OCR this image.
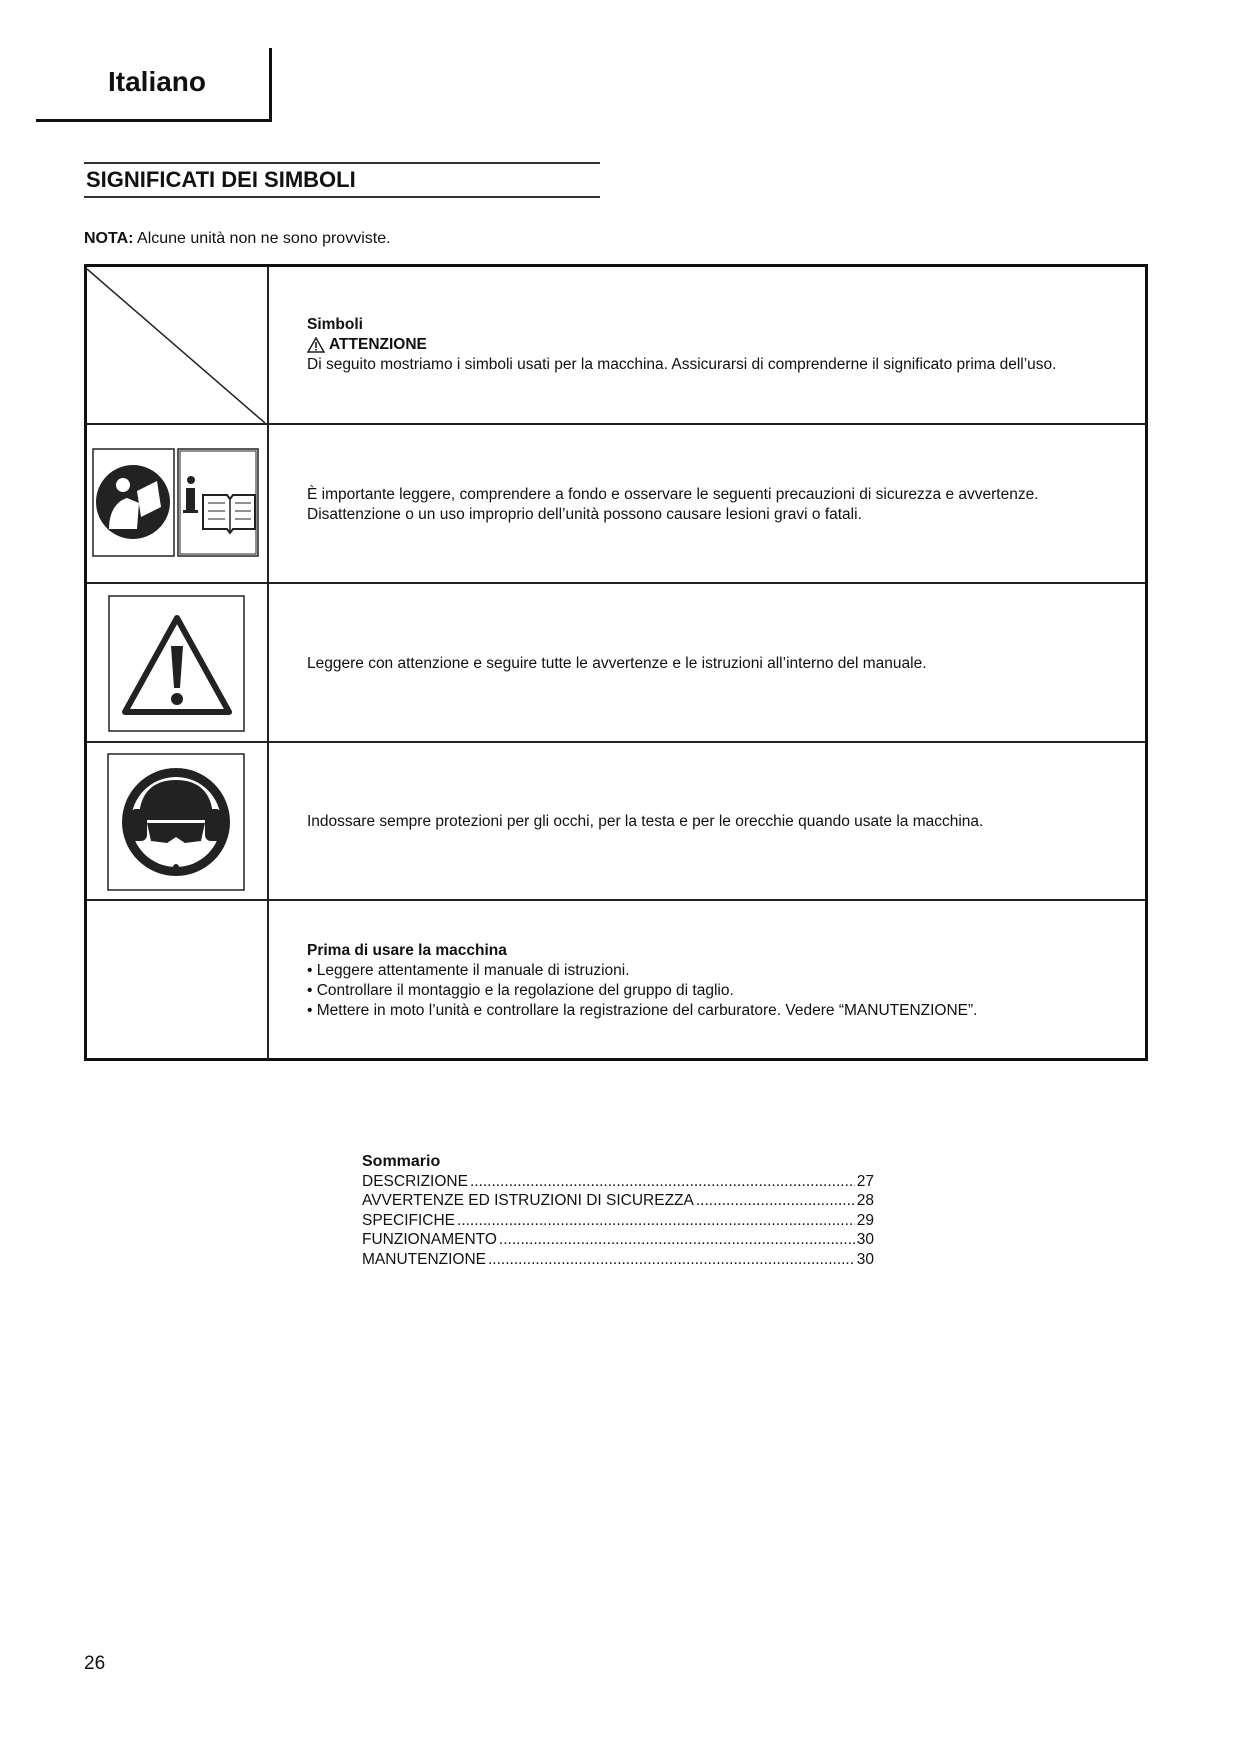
Italiano
SIGNIFICATI DEI SIMBOLI
NOTA: Alcune unità non ne sono provviste.
Simboli
ATTENZIONE
Di seguito mostriamo i simboli usati per la macchina. Assicurarsi di comprenderne il significato prima dell’uso.
È importante leggere, comprendere a fondo e osservare le seguenti precauzioni di sicurezza e avvertenze.
Disattenzione o un uso improprio dell’unità possono causare lesioni gravi o fatali.
Leggere con attenzione e seguire tutte le avvertenze e le istruzioni all’interno del manuale.
Indossare sempre protezioni per gli occhi, per la testa e per le orecchie quando usate la macchina.
Prima di usare la macchina
• Leggere attentamente il manuale di istruzioni.
• Controllare il montaggio e la regolazione del gruppo di taglio.
• Mettere in moto l’unità e controllare la registrazione del carburatore. Vedere “MANUTENZIONE”.
Sommario
DESCRIZIONE .....	27
AVVERTENZE ED ISTRUZIONI DI SICUREZZA .....	28
SPECIFICHE .....	29
FUNZIONAMENTO .....	30
MANUTENZIONE .....	30
26
